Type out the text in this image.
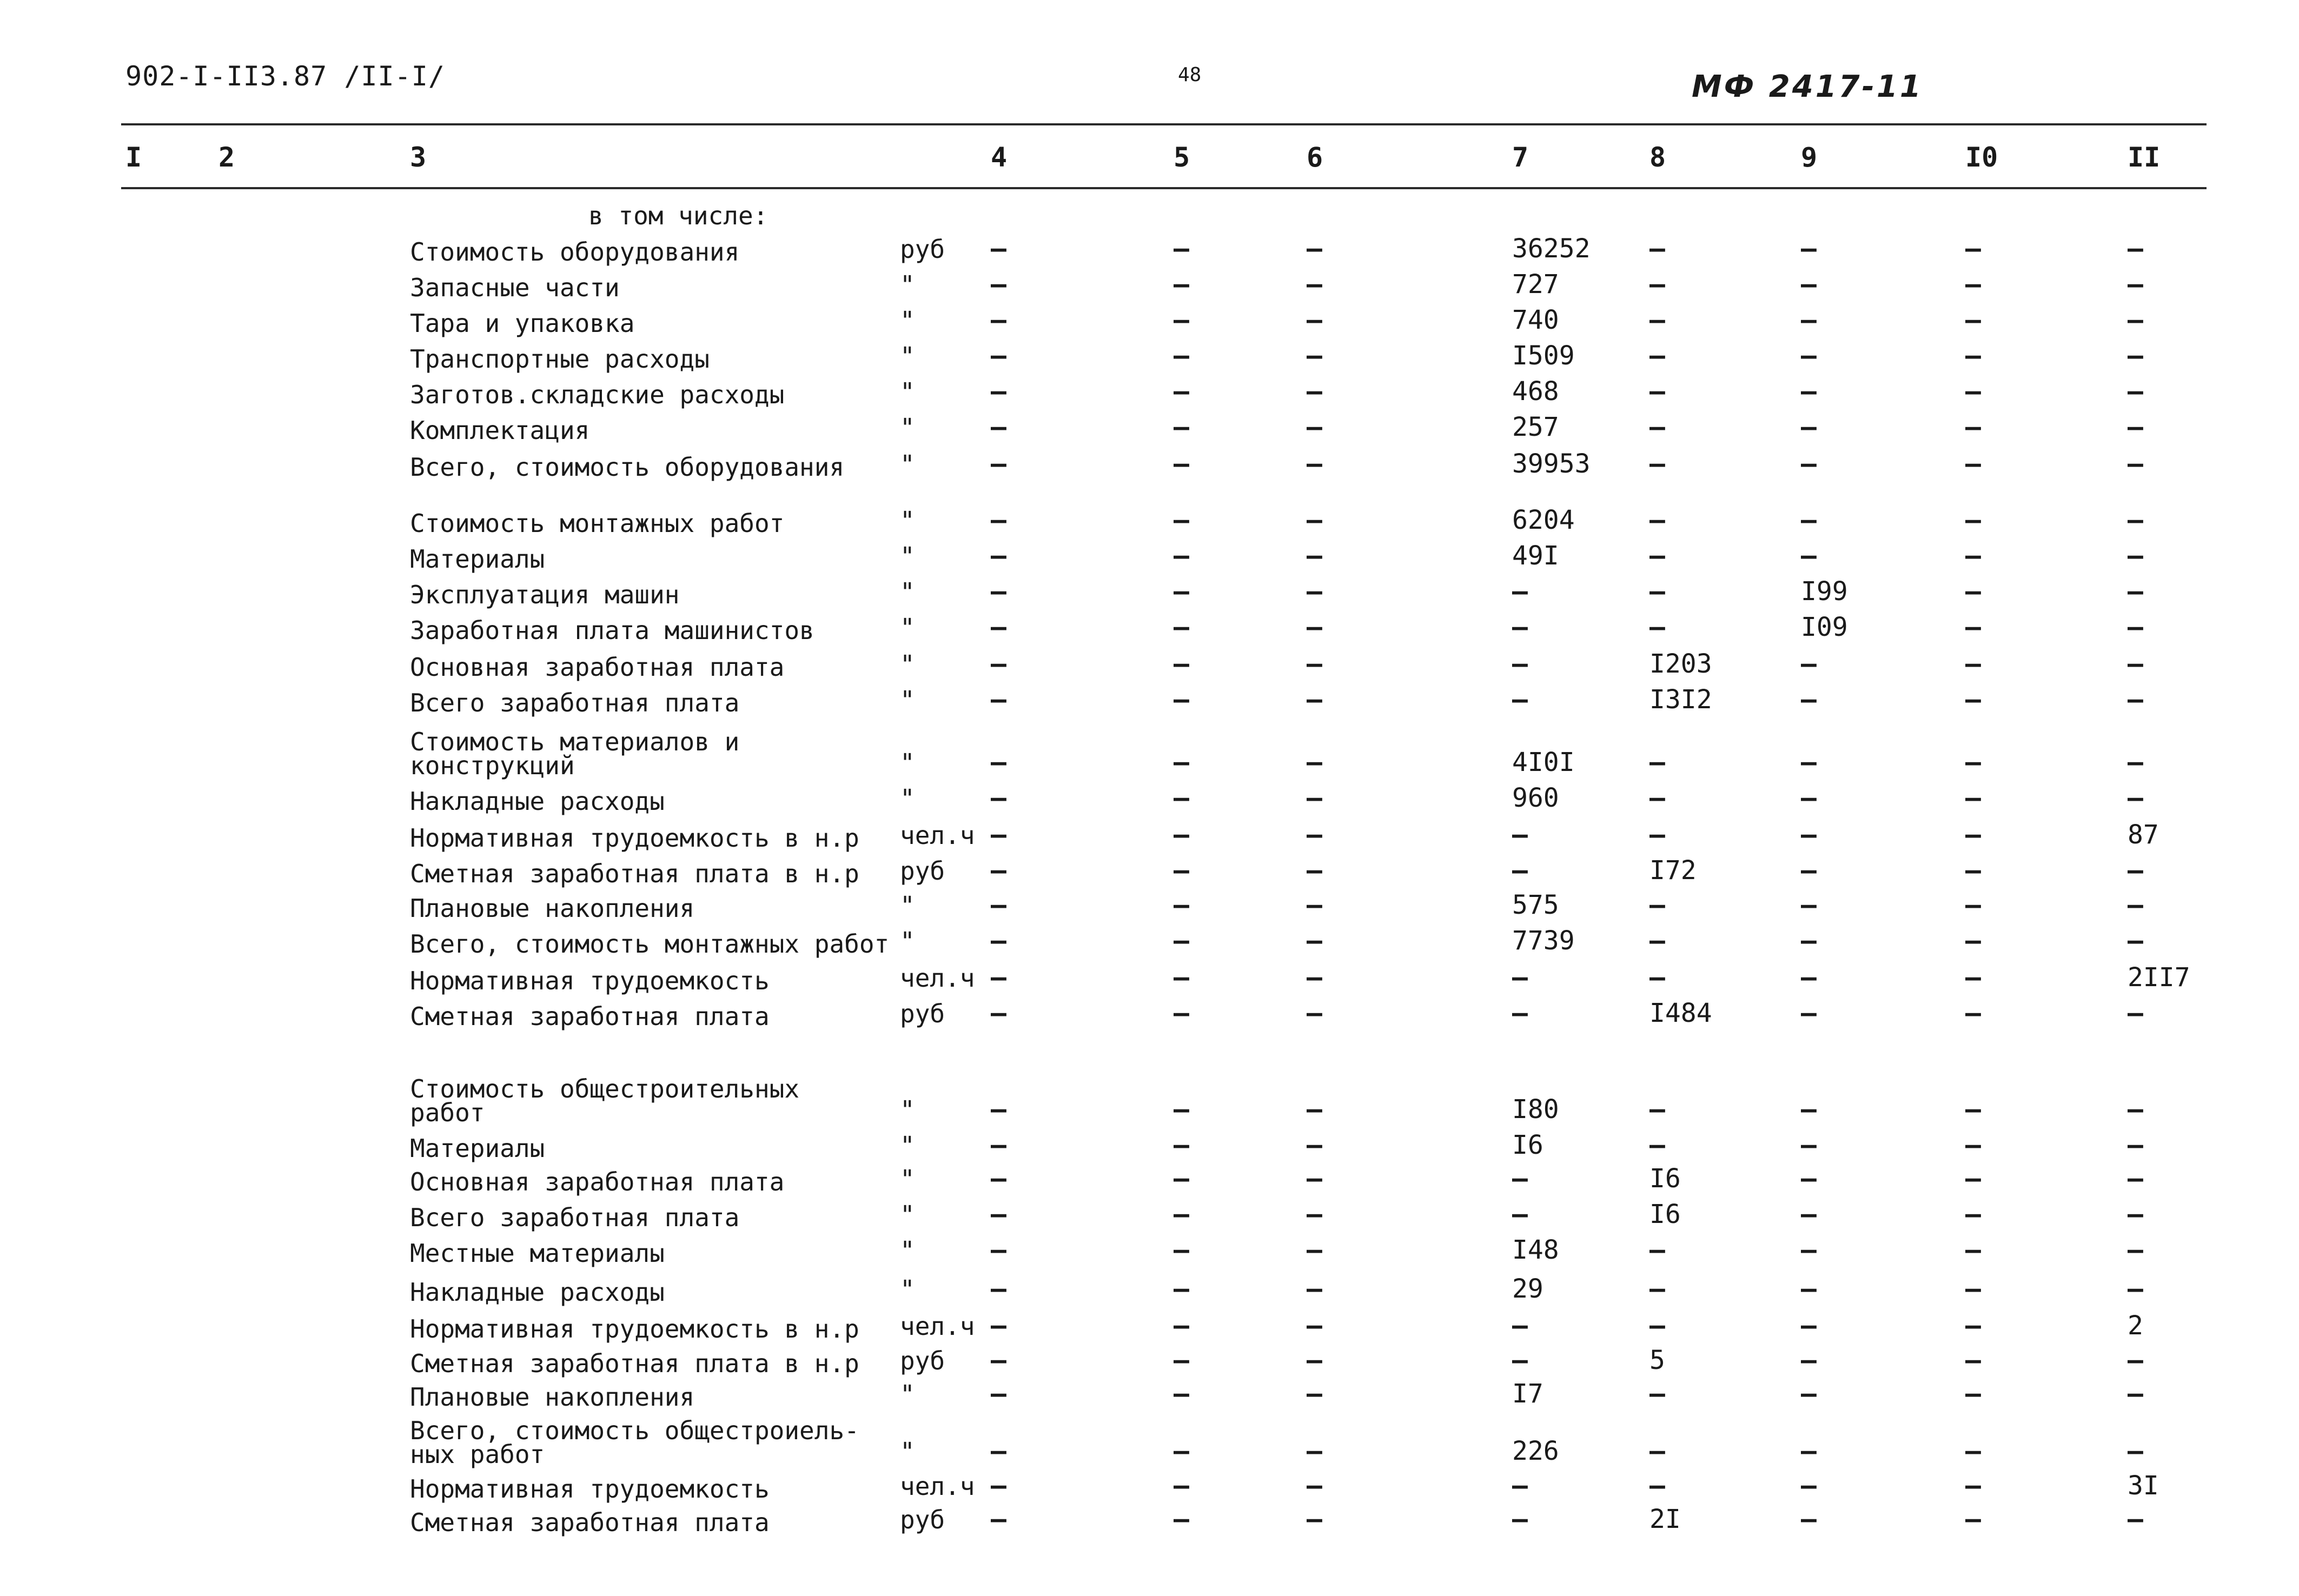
902-I-II3.87 /II-I/	48	МФ 2417-11
I	2	3	4	5	6	7	8	9	I0	II
в том числе:
Стоимость оборудования	руб –	–	–	36252 –	–	–	–
Запасные части	"	–	–	–	727	–	–	–	–
Тара и упаковка	"	–	–	–	740	–	–	–	–
Транспортные расходы	"	–	–	–	I509	–	–	–	–
Заготов.складские расходы	"	–	–	–	468	–	–	–	–
Комплектация	"	–	–	–	257	–	–	–	–
Всего, стоимость оборудования	"	–	–	–	39953 –	–	–	–
Стоимость монтажных работ	"	–	–	–	6204	–	–	–	–
Материалы	"	–	–	–	49I	–	–	–	–
Эксплуатация машин	"	–	–	–	–	–	I99	–	–
Заработная плата машинистов	"	–	–	–	–	–	I09	–	–
Основная заработная плата	"	–	–	–	–	I203	–	–	–
Всего заработная плата	"	–	–	–	–	I3I2	–	–	–
Стоимость материалов и
конструкций	"	–	–	–	4I0I	–	–	–	–
Накладные расходы	"	–	–	–	960	–	–	–	–
Нормативная трудоемкость в н.р	чел.ч –	–	–	–	–	–	–	87
Сметная заработная плата в н.р	руб –	–	–	–	I72	–	–	–
Плановые накопления	"	–	–	–	575	–	–	–	–
Всего, стоимость монтажных работ "	–	–	–	7739	–	–	–	–
Нормативная трудоемкость	чел.ч –	–	–	–	–	–	–	2II7
Сметная заработная плата	руб –	–	–	–	I484	–	–	–
Стоимость общестроительных
работ	"	–	–	–	I80	–	–	–	–
Материалы	"	–	–	–	I6	–	–	–	–
Основная заработная плата	"	–	–	–	–	I6	–	–	–
Всего заработная плата	"	–	–	–	–	I6	–	–	–
Местные материалы	"	–	–	–	I48	–	–	–	–
Накладные расходы	"	–	–	–	29	–	–	–	–
Нормативная трудоемкость в н.р	чел.ч –	–	–	–	–	–	–	2
Сметная заработная плата в н.р	руб –	–	–	–	5	–	–	–
Плановые накопления	"	–	–	–	I7	–	–	–	–
Всего, стоимость общестроиель-
ных работ	"	–	–	–	226	–	–	–	–
Нормативная трудоемкость	чел.ч –	–	–	–	–	–	–	3I
Сметная заработная плата	руб –	–	–	–	2I	–	–	–
